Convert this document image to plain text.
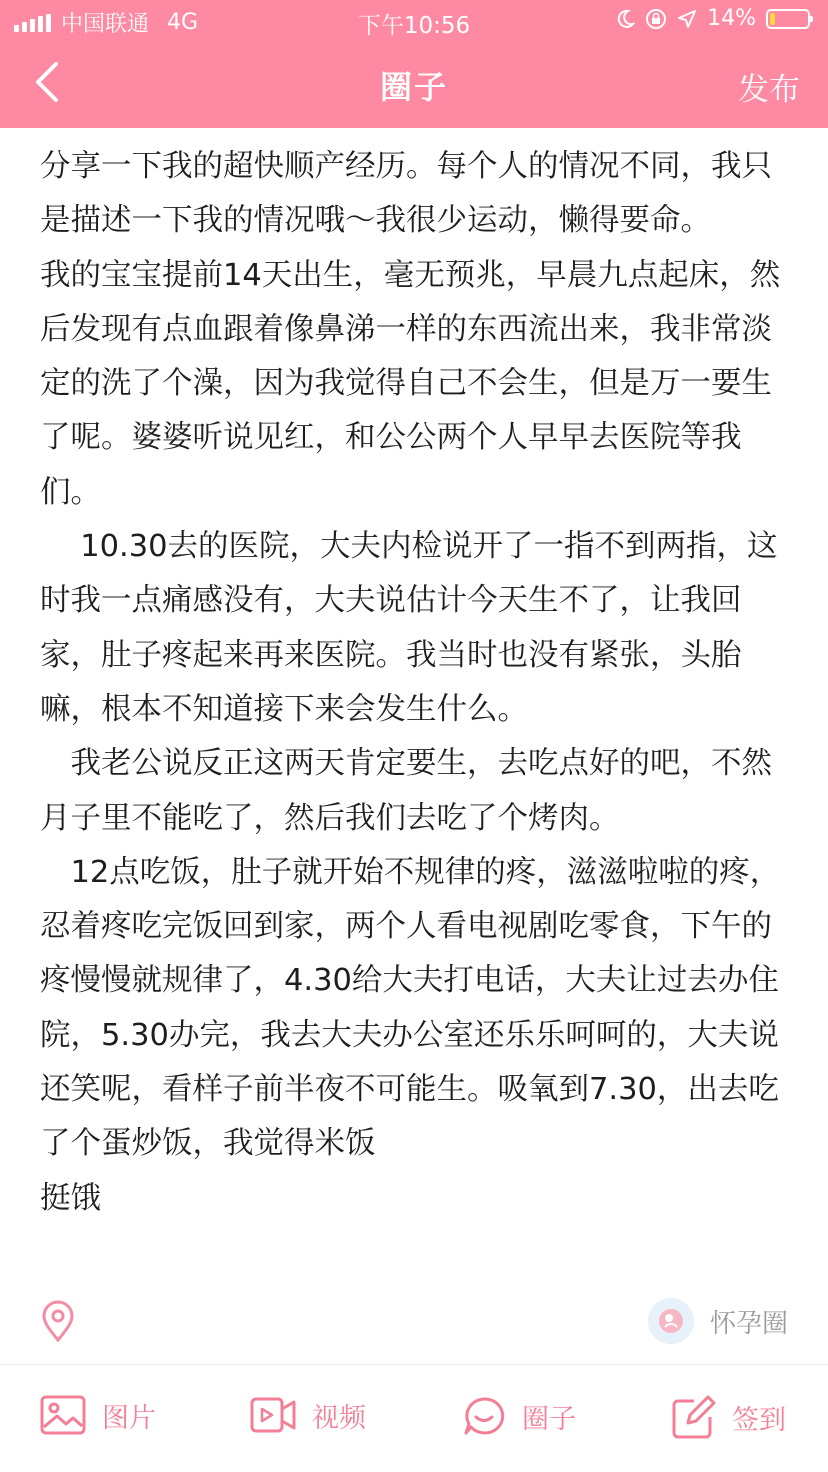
中国联通 4G	下午10:56	14%
圈子	发布

分享一下我的超快顺产经历。每个人的情况不同，我只是描述一下我的情况哦～我很少运动，懒得要命。

我的宝宝提前14天出生，毫无预兆，早晨九点起床，然后发现有点血跟着像鼻涕一样的东西流出来，我非常淡定的洗了个澡，因为我觉得自己不会生，但是万一要生了呢。婆婆听说见红，和公公两个人早早去医院等我们。

　 10.30去的医院，大夫内检说开了一指不到两指，这时我一点痛感没有，大夫说估计今天生不了，让我回家，肚子疼起来再来医院。我当时也没有紧张，头胎嘛，根本不知道接下来会发生什么。

　我老公说反正这两天肯定要生，去吃点好的吧，不然月子里不能吃了，然后我们去吃了个烤肉。

　12点吃饭，肚子就开始不规律的疼，滋滋啦啦的疼，忍着疼吃完饭回到家，两个人看电视剧吃零食，下午的疼慢慢就规律了，4.30给大夫打电话，大夫让过去办住院，5.30办完，我去大夫办公室还乐乐呵呵的，大夫说还笑呢，看样子前半夜不可能生。吸氧到7.30，出去吃了个蛋炒饭，我觉得米饭

挺饿

怀孕圈
图片	视频	圈子	签到
